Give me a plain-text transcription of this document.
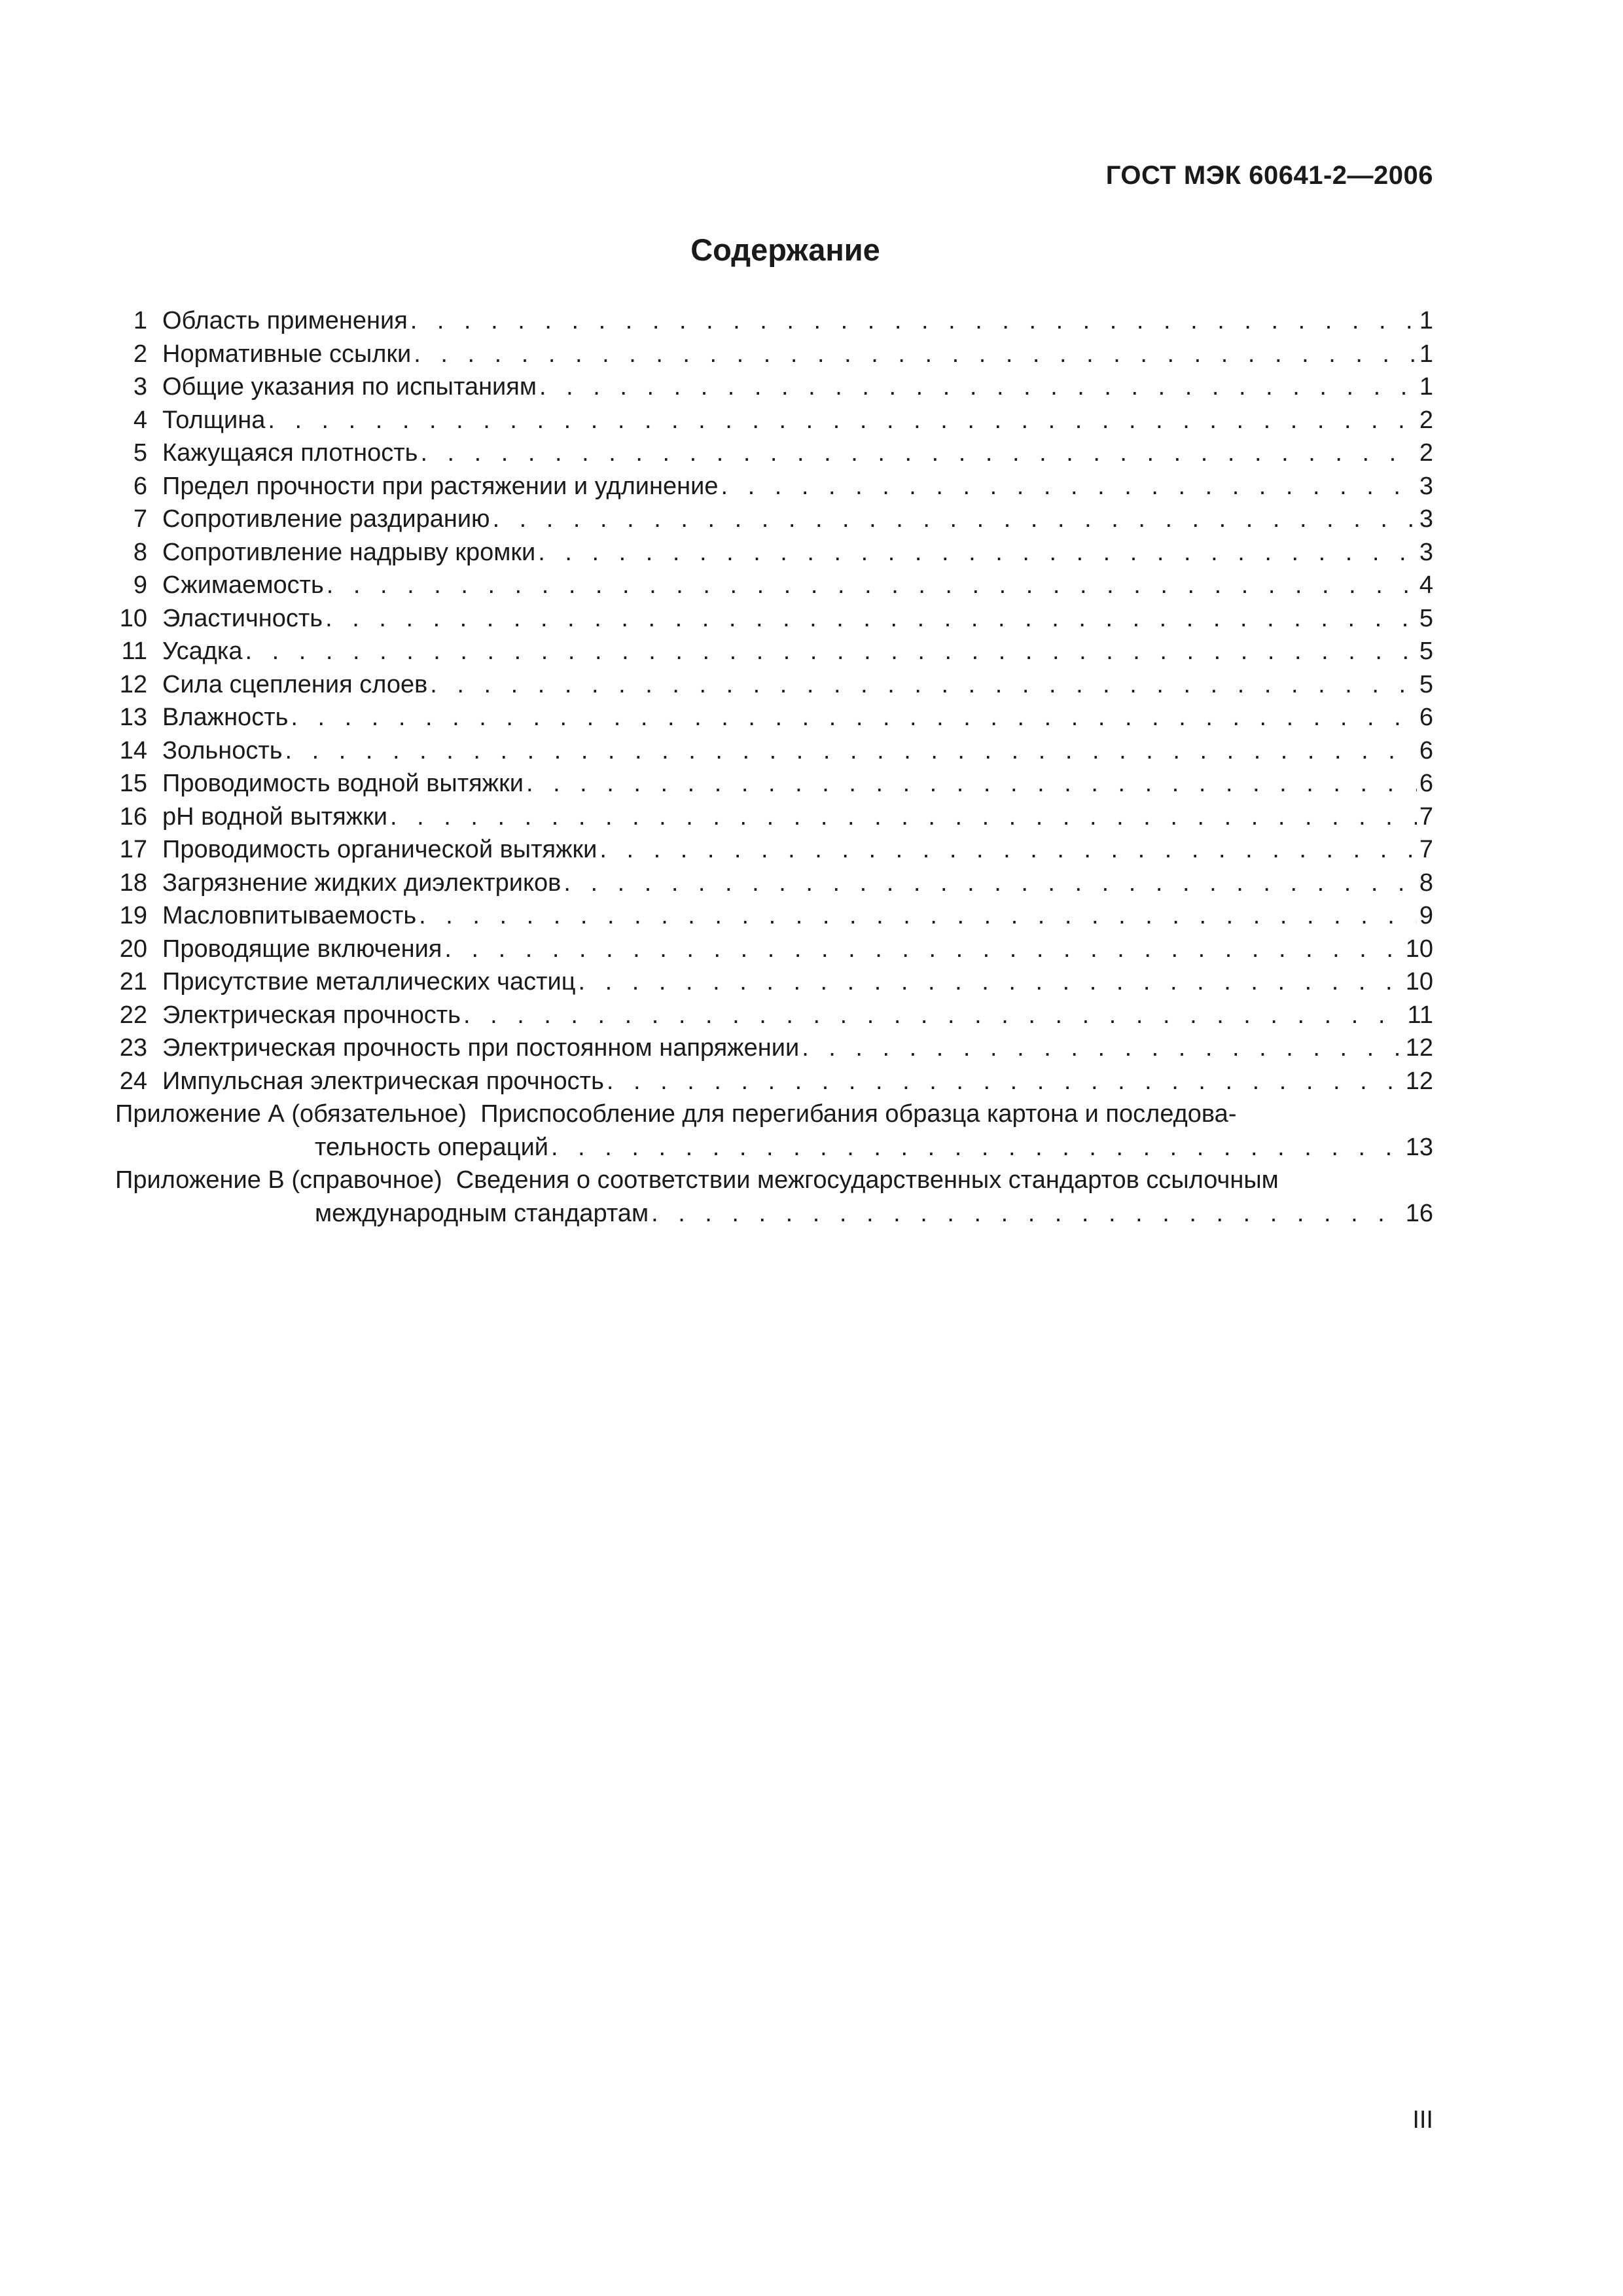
ГОСТ МЭК 60641-2—2006
Содержание
1 Область применения . . .	1
2 Нормативные ссылки . . .	1
3 Общие указания по испытаниям . . .	1
4 Толщина . . .	2
5 Кажущаяся плотность . . .	2
6 Предел прочности при растяжении и удлинение . . .	3
7 Сопротивление раздиранию . . .	3
8 Сопротивление надрыву кромки . . .	3
9 Сжимаемость . . .	4
10 Эластичность . . .	5
11 Усадка . . .	5
12 Сила сцепления слоев . . .	5
13 Влажность . . .	6
14 Зольность . . .	6
15 Проводимость водной вытяжки . . .	6
16 pH водной вытяжки . . .	7
17 Проводимость органической вытяжки . . .	7
18 Загрязнение жидких диэлектриков . . .	8
19 Масловпитываемость . . .	9
20 Проводящие включения . . .	10
21 Присутствие металлических частиц . . .	10
22 Электрическая прочность . . .	11
23 Электрическая прочность при постоянном напряжении . . .	12
24 Импульсная электрическая прочность . . .	12
Приложение А (обязательное) Приспособление для перегибания образца картона и последова-
тельность операций . . .	13
Приложение В (справочное) Сведения о соответствии межгосударственных стандартов ссылочным
международным стандартам . . .	16
III
